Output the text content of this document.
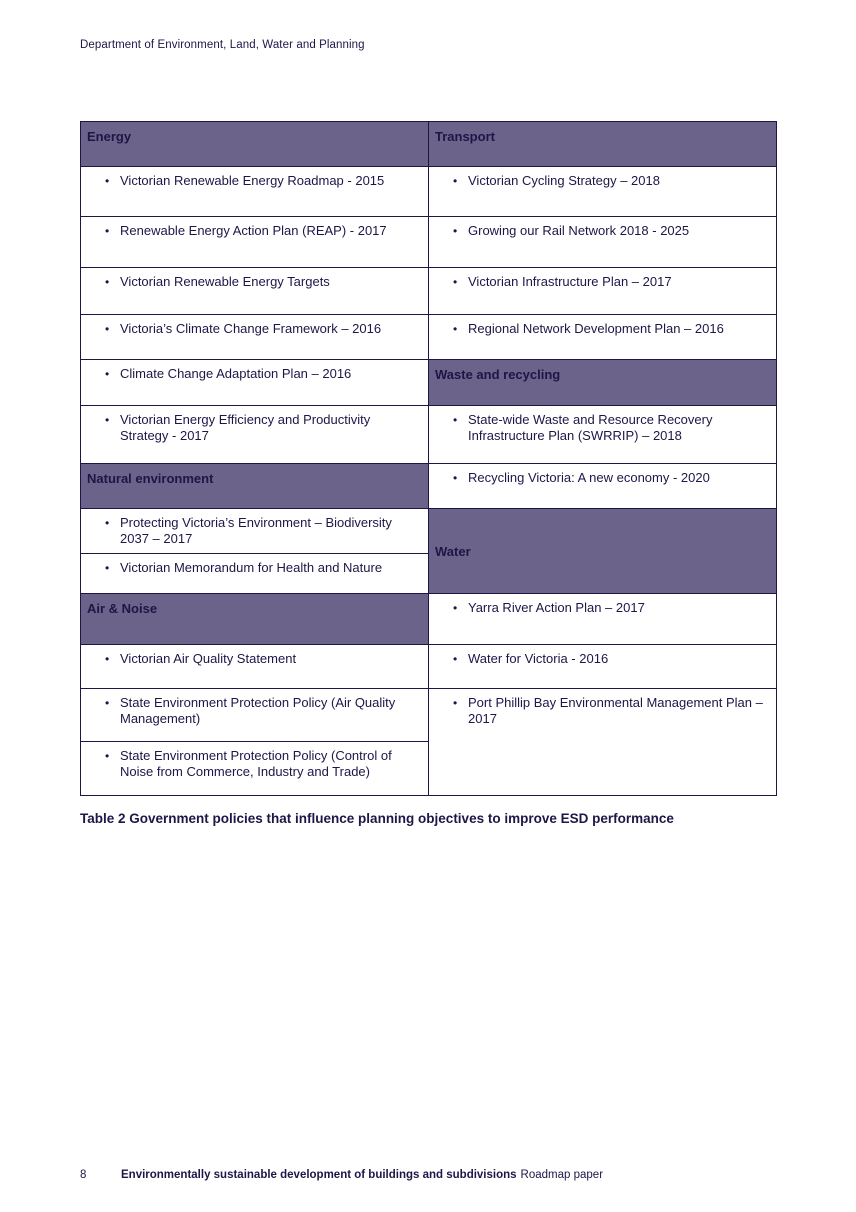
Department of Environment, Land, Water and Planning
Energy	Transport

• Victorian Renewable Energy Roadmap - 2015	• Victorian Cycling Strategy – 2018

• Renewable Energy Action Plan (REAP) - 2017	• Growing our Rail Network 2018 - 2025

• Victorian Renewable Energy Targets	• Victorian Infrastructure Plan – 2017

• Victoria’s Climate Change Framework – 2016	• Regional Network Development Plan – 2016

• Climate Change Adaptation Plan – 2016	Waste and recycling

• Victorian Energy Efficiency and Productivity Strategy - 2017	• State-wide Waste and Resource Recovery Infrastructure Plan (SWRRIP) – 2018

Natural environment	• Recycling Victoria: A new economy - 2020

• Protecting Victoria’s Environment – Biodiversity 2037 – 2017	Water

• Victorian Memorandum for Health and Nature	

Air & Noise	• Yarra River Action Plan – 2017

• Victorian Air Quality Statement	• Water for Victoria - 2016

• State Environment Protection Policy (Air Quality Management)	• Port Phillip Bay Environmental Management Plan – 2017

• State Environment Protection Policy (Control of Noise from Commerce, Industry and Trade)	
Table 2 Government policies that influence planning objectives to improve ESD performance
8	Environmentally sustainable development of buildings and subdivisions Roadmap paper
